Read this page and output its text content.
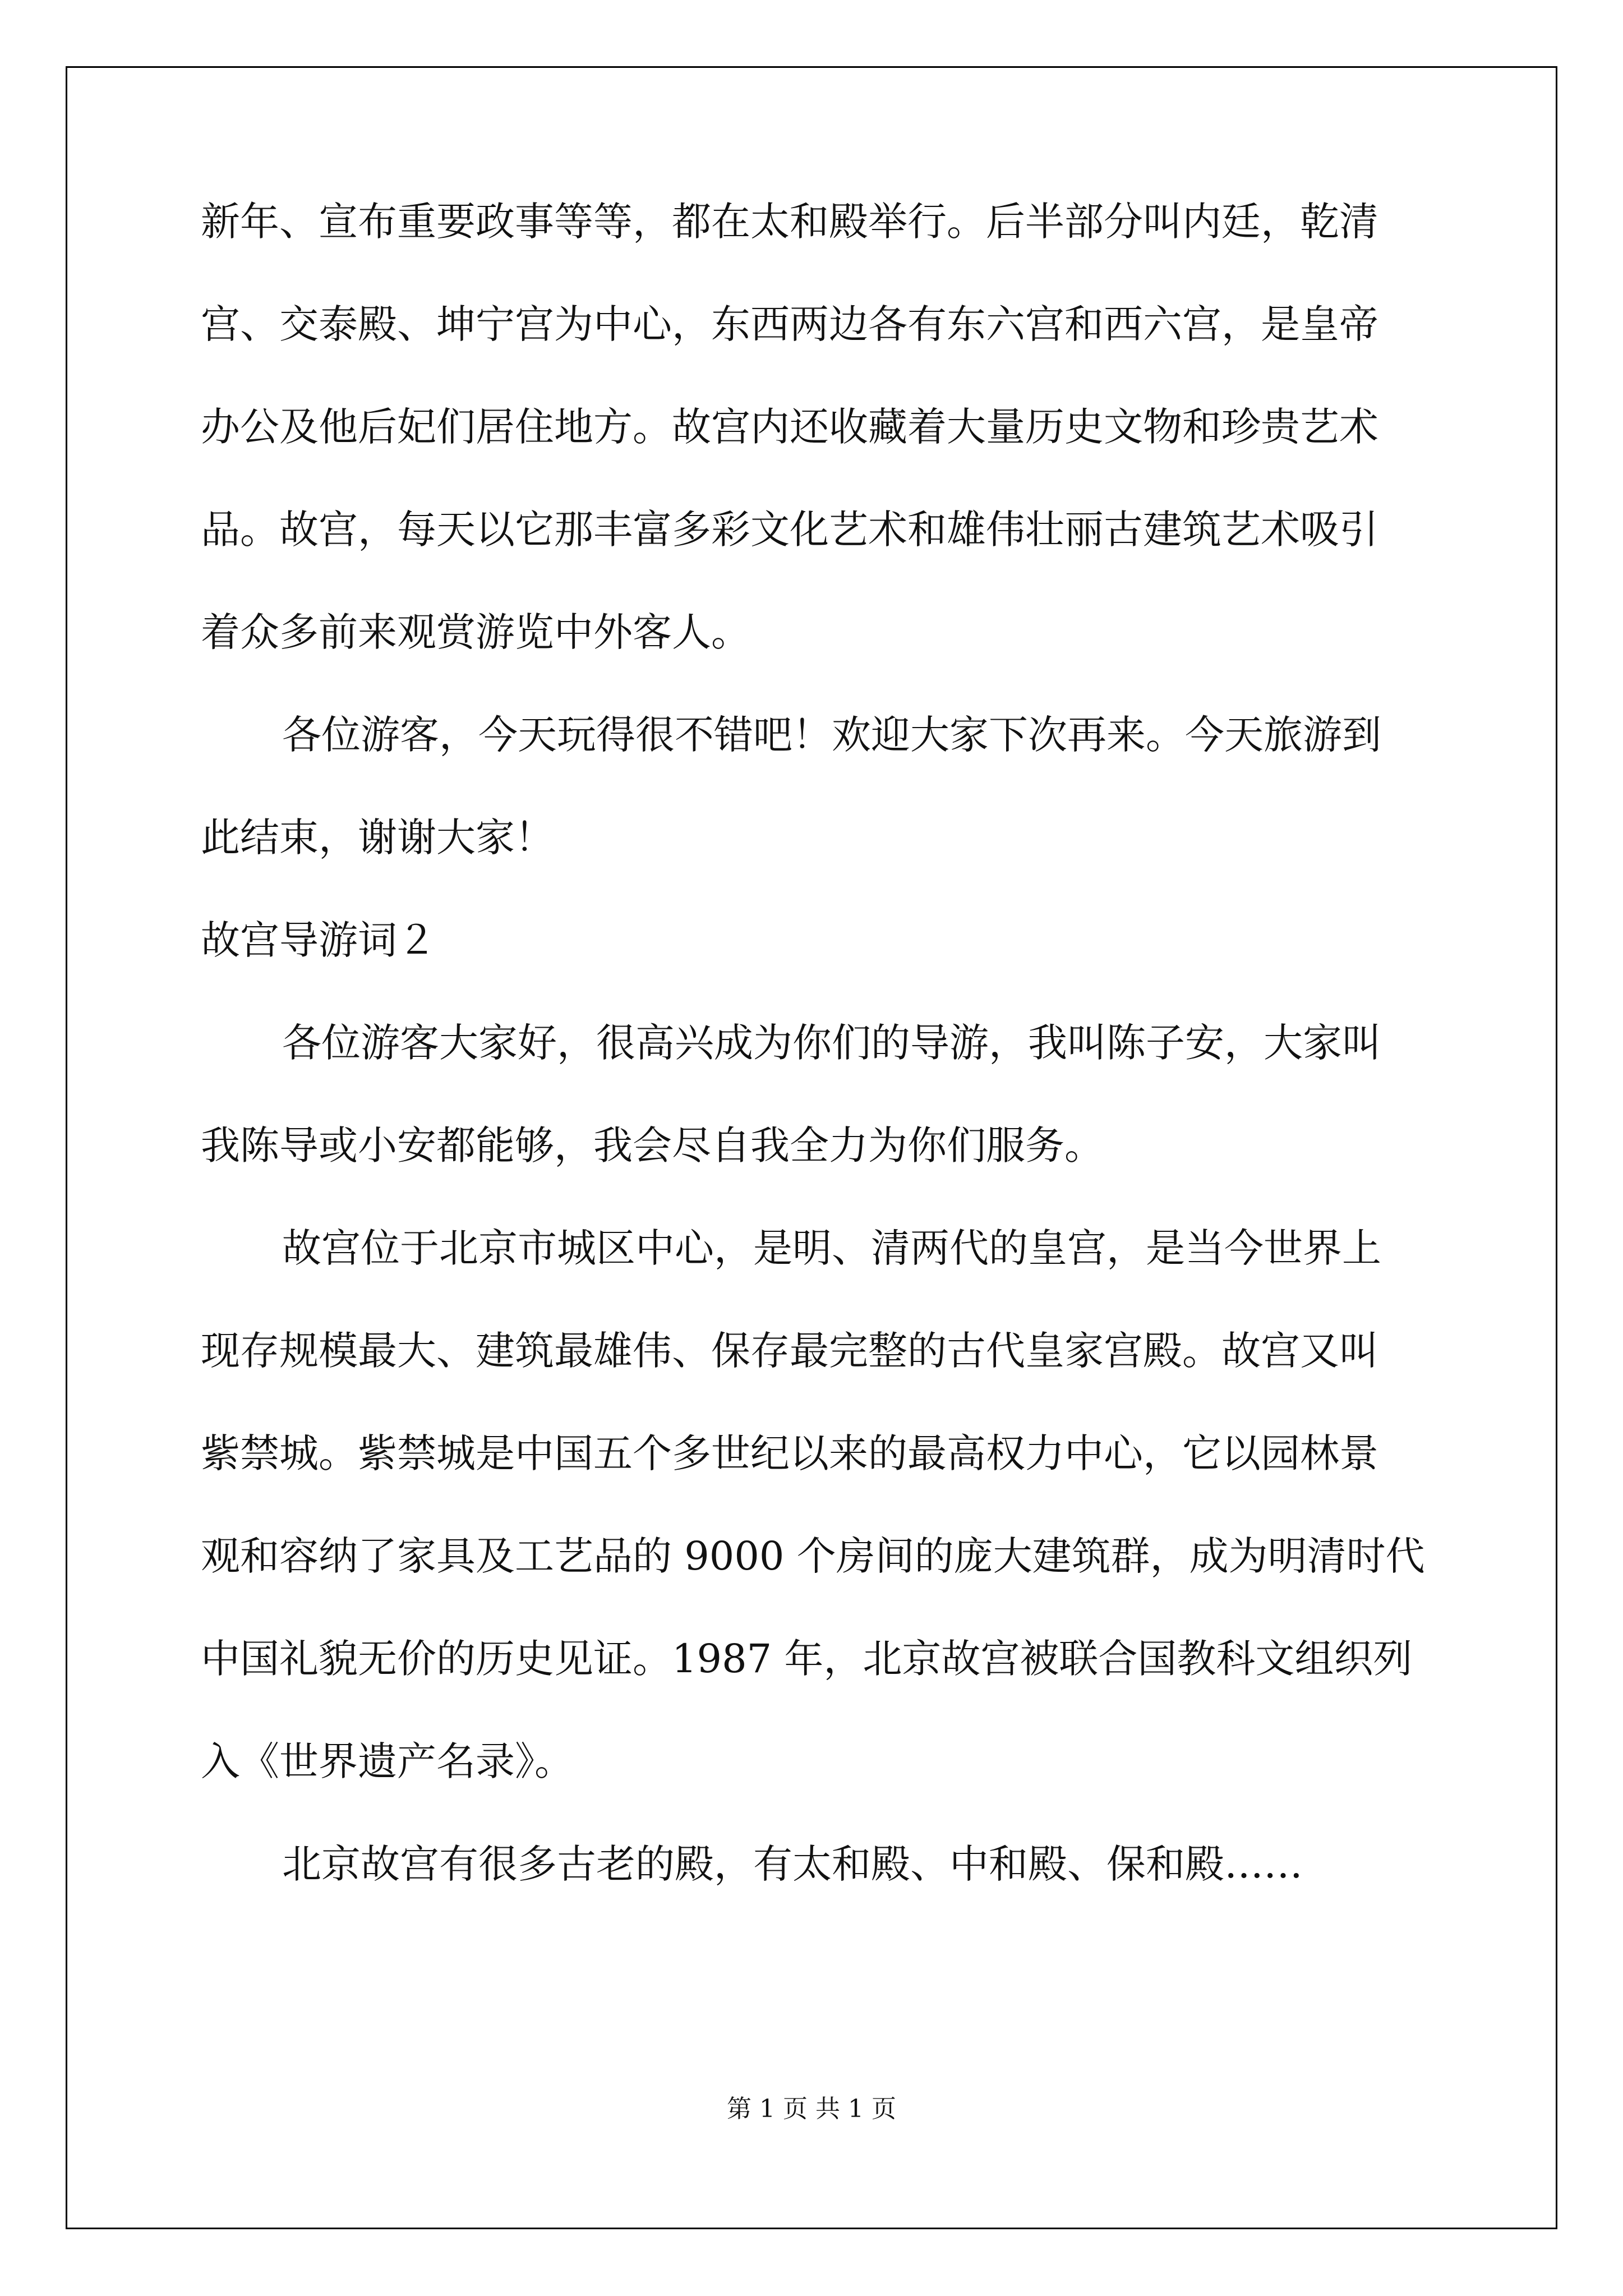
新年、宣布重要政事等等，都在太和殿举行。后半部分叫内廷，乾清
宫、交泰殿、坤宁宫为中心，东西两边各有东六宫和西六宫，是皇帝
办公及他后妃们居住地方。故宫内还收藏着大量历史文物和珍贵艺术
品。故宫，每天以它那丰富多彩文化艺术和雄伟壮丽古建筑艺术吸引
着众多前来观赏游览中外客人。
各位游客，今天玩得很不错吧！欢迎大家下次再来。今天旅游到
此结束，谢谢大家！
故宫导游词２
各位游客大家好，很高兴成为你们的导游，我叫陈子安，大家叫
我陈导或小安都能够，我会尽自我全力为你们服务。
故宫位于北京市城区中心，是明、清两代的皇宫，是当今世界上
现存规模最大、建筑最雄伟、保存最完整的古代皇家宫殿。故宫又叫
紫禁城。紫禁城是中国五个多世纪以来的最高权力中心，它以园林景
观和容纳了家具及工艺品的 9000 个房间的庞大建筑群，成为明清时代
中国礼貌无价的历史见证。1987 年，北京故宫被联合国教科文组织列
入《世界遗产名录》。
北京故宫有很多古老的殿，有太和殿、中和殿、保和殿……
第 1 页 共 1 页
